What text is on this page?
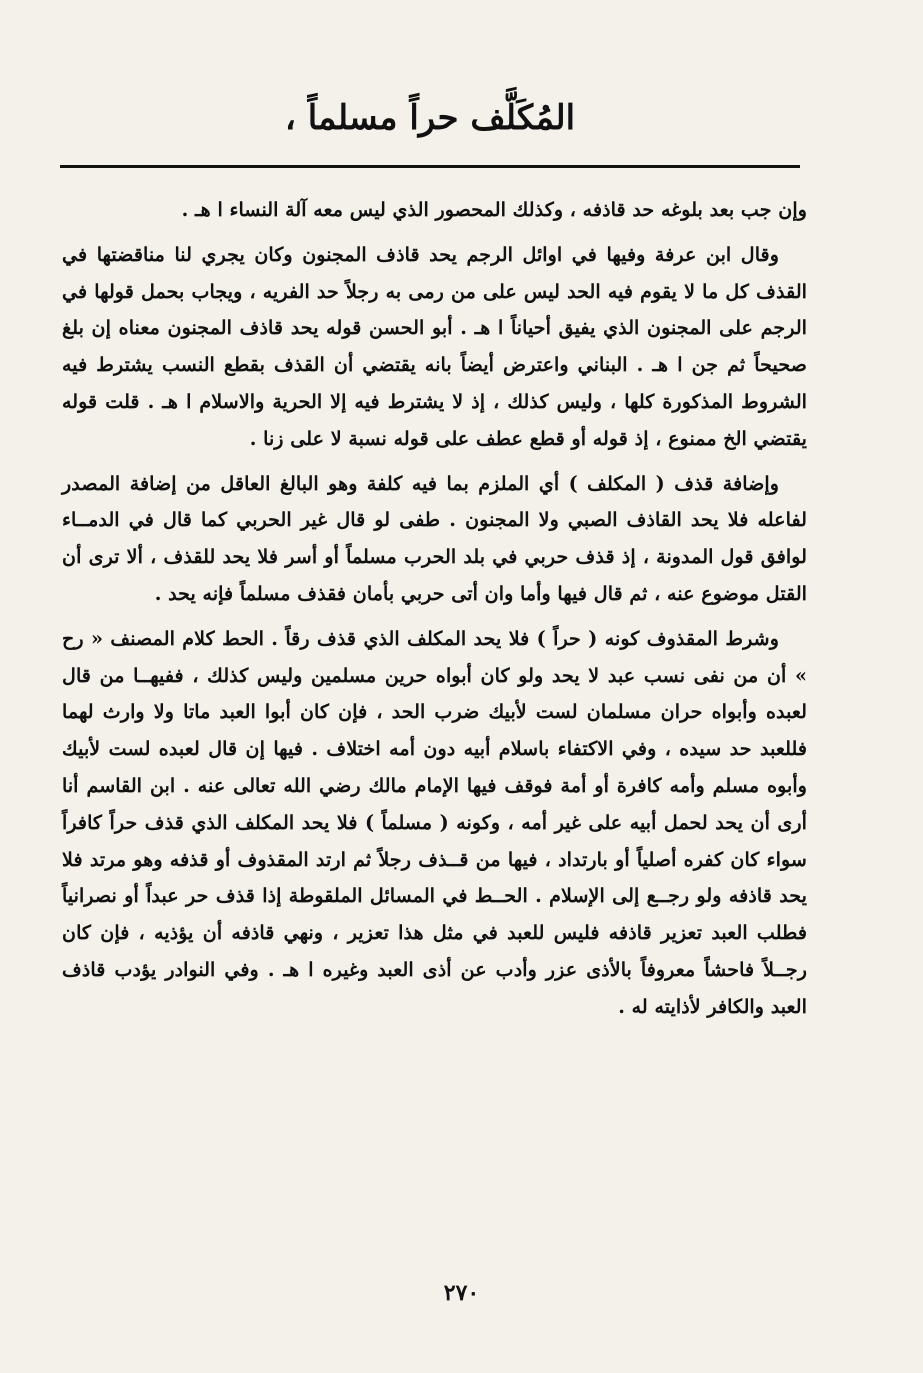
المُكَلَّف حراً مسلماً ،

وإن جب بعد بلوغه حد قاذفه ، وكذلك المحصور الذي ليس معه آلة النساء ا هـ .

وقال ابن عرفة وفيها في اوائل الرجم يحد قاذف المجنون وكان يجري لنا مناقضتها في القذف كل ما لا يقوم فيه الحد ليس على من رمى به رجلاً حد الفريه ، ويجاب بحمل قولها في الرجم على المجنون الذي يفيق أحياناً ا هـ . أبو الحسن قوله يحد قاذف المجنون معناه إن بلغ صحيحاً ثم جن ا هـ . البناني واعترض أيضاً بانه يقتضي أن القذف بقطع النسب يشترط فيه الشروط المذكورة كلها ، وليس كذلك ، إذ لا يشترط فيه إلا الحرية والاسلام ا هـ . قلت قوله يقتضي الخ ممنوع ، إذ قوله أو قطع عطف على قوله نسبة لا على زنا .

وإضافة قذف ( المكلف ) أي الملزم بما فيه كلفة وهو البالغ العاقل من إضافة المصدر لفاعله فلا يحد القاذف الصبي ولا المجنون . طفى لو قال غير الحربي كما قال في الدمــاء لوافق قول المدونة ، إذ قذف حربي في بلد الحرب مسلماً أو أسر فلا يحد للقذف ، ألا ترى أن القتل موضوع عنه ، ثم قال فيها وأما وان أتى حربي بأمان فقذف مسلماً فإنه يحد .

وشرط المقذوف كونه ( حراً ) فلا يحد المكلف الذي قذف رقاً . الحط كلام المصنف « رح » أن من نفى نسب عبد لا يحد ولو كان أبواه حرين مسلمين وليس كذلك ، ففيهــا من قال لعبده وأبواه حران مسلمان لست لأبيك ضرب الحد ، فإن كان أبوا العبد ماتا ولا وارث لهما فللعبد حد سيده ، وفي الاكتفاء باسلام أبيه دون أمه اختلاف . فيها إن قال لعبده لست لأبيك وأبوه مسلم وأمه كافرة أو أمة فوقف فيها الإمام مالك رضي الله تعالى عنه . ابن القاسم أنا أرى أن يحد لحمل أبيه على غير أمه ، وكونه ( مسلماً ) فلا يحد المكلف الذي قذف حراً كافراً سواء كان كفره أصلياً أو بارتداد ، فيها من قــذف رجلاً ثم ارتد المقذوف أو قذفه وهو مرتد فلا يحد قاذفه ولو رجــع إلى الإسلام . الحــط في المسائل الملقوطة إذا قذف حر عبداً أو نصرانياً فطلب العبد تعزير قاذفه فليس للعبد في مثل هذا تعزير ، ونهي قاذفه أن يؤذيه ، فإن كان رجــلاً فاحشاً معروفاً بالأذى عزر وأدب عن أذى العبد وغيره ا هـ . وفي النوادر يؤدب قاذف العبد والكافر لأذايته له .

٢٧٠
